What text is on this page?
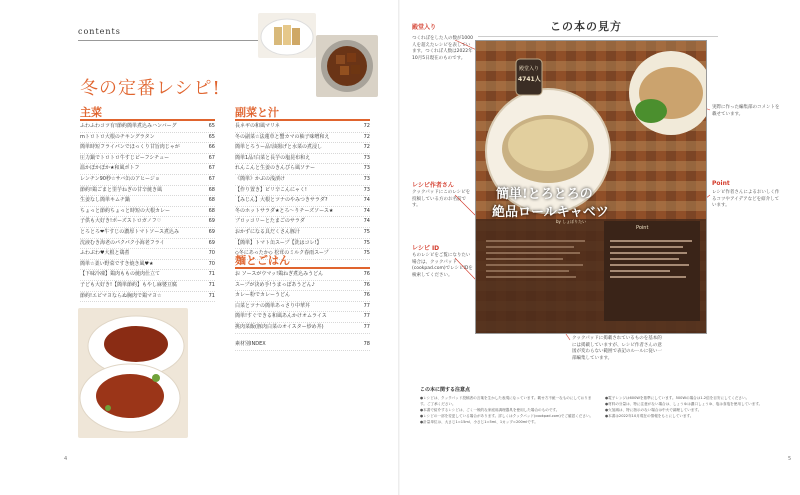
contents
冬の定番レシピ!
主菜
ふわふわコツ有!節約簡単煮込みハンバーグ	65
mトロトロ大根のチキングラタン	65
簡単時短フライパンでほっくり甘旨肉じゃが	66
圧力鍋でトロトロ牛すじビーフシチュー	67
温かぽかぽか★和風ポトフ	67
レンチン90秒☆サバ缶のアヒージョ	67
節約!鶏ごまと里芋ねぎの甘辛焼き風	68
生姜なし簡単キムチ鍋	68
ちょっと節約ちょっと時短の大根カレー	68
子供も大好き!ボーズストロガノフ♡	69
とろとろ❤牛すじの濃厚トマトソース煮込み	69
沈液むき海老のパクパク小海老フライ	69
ふわぶわ♥大根と鶏煮	70
簡単☆柔い野菜ですき焼き風♥★	70
【下味冷凍】鶏肉ももの焼肉仕立て	71
子ども大好き!【簡単節約】もやし麻婆豆腐	71
節約!エビマヨならぬ胸肉で鶏マヨ☆	71
副菜と汁
長ネギの和風マリネ	72
冬の副菜☆法蓮草と蟹カマの柚子味噌和え	72
簡単とろうー品!油揚げと水菜の煮浸し	72
簡単1品!白菜と長芋の塩昆布和え	73
れんこんと生姜のきんぴら風ソテー	73
《簡単》かぶの浅漬け	73
【作り置き】ピリ辛こんにゃく!	73
【みじん】大根とツナのやみつきサラダ?	74
冬のホットサラダ★とろ〜りチーズソース★	74
ブロッコリーとたまごのサラダ	74
おかずになる具だくさん豚汁	75
【簡単】トマト缶スープ【洗はコレ!】	75
◇冬にあったか◇ 松茸のミルク春雨スープ	75
麺とごはん
お ソースがウマッ!鶏ねぎ煮込みうどん	76
スープが決め手!うまっぽあうどん♪	76
カレー粉でカレーうどん	76
白菜とツナの簡単あっさり中華丼	77
簡単!すぐできる和風あんかけオムライス	77
挑肉菜飯(豚肉白菜のオイスター炒め丼)	77
素材別INDEX	78
4
この本の見方
殿堂入り
つくれぽをした人の数が1000人を超えたレシピを表しています。つくれぽ人数は2022年10月5日現在のものです。
レシピ作者さん
クックパッドにこのレシピを投稿している方のお名前です。
レシピ ID
ものレシピをご覧になりたい場合は、クックパッド(cookpad.com)でレシピIDを検索してください。
実際に作った編集部のコメントを載せています。
Point
レシピ作者さんによるおいしく作るコツやアイデアなどを紹介しています。
クックパッドに掲載されているものを基本的には掲載していますが、レシピ作者さんの意図が変わらない範囲で表記のルールに従い一部編集しています。
この本に関する注意点
●レシピは、クックパッド投稿者の言葉を生かした表現になっています。載せ方不統一なものにしております。ご了承ください。
●本書で紹介するレシピは、ごく一般的な家庭用調理器具を使用した場合のものです。
●レシピの一部を変更している場合があります。詳しくはクックパッド(cookpad.com)でご確認ください。
●計量単位は、大さじ1=15ml、小さじ1=5ml、1カップ=200mlです。
●電子レンジは600Wを基準にしています。500Wの場合は1.2倍を目安にしてください。
●材料の分量は、特に注意がない場合は、しょうゆは濃口しょうゆ、塩は食塩を使用しています。
●火加減は、特に指示のない場合は中火で調理しています。
●本書は2022年10月現在の情報をもとにしています。
5
殿堂入り
4741人
簡単!とろとろの
絶品ロールキャベツ
by しょぼりたい
Point
